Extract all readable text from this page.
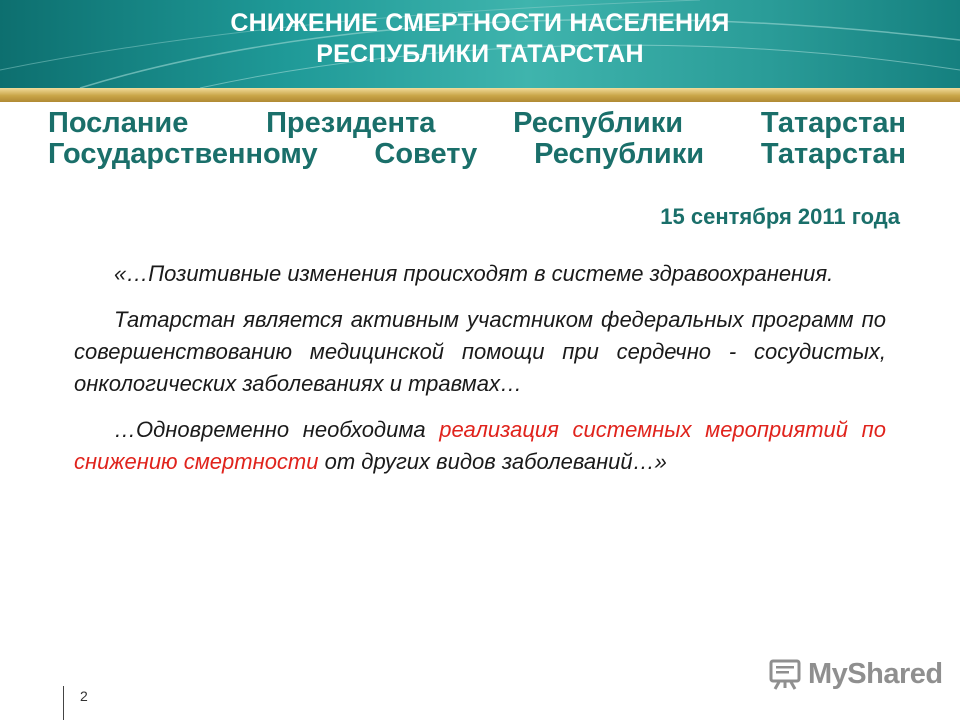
СНИЖЕНИЕ СМЕРТНОСТИ НАСЕЛЕНИЯ
РЕСПУБЛИКИ ТАТАРСТАН
Послание Президента Республики Татарстан
Государственному Совету Республики Татарстан
15 сентября 2011 года

«…Позитивные изменения происходят в системе здравоохранения.

Татарстан является активным участником федеральных программ по совершенствованию медицинской помощи при сердечно - сосудистых, онкологических заболеваниях и травмах…

…Одновременно необходима реализация системных мероприятий по снижению смертности от других видов заболеваний…»

2
MyShared
